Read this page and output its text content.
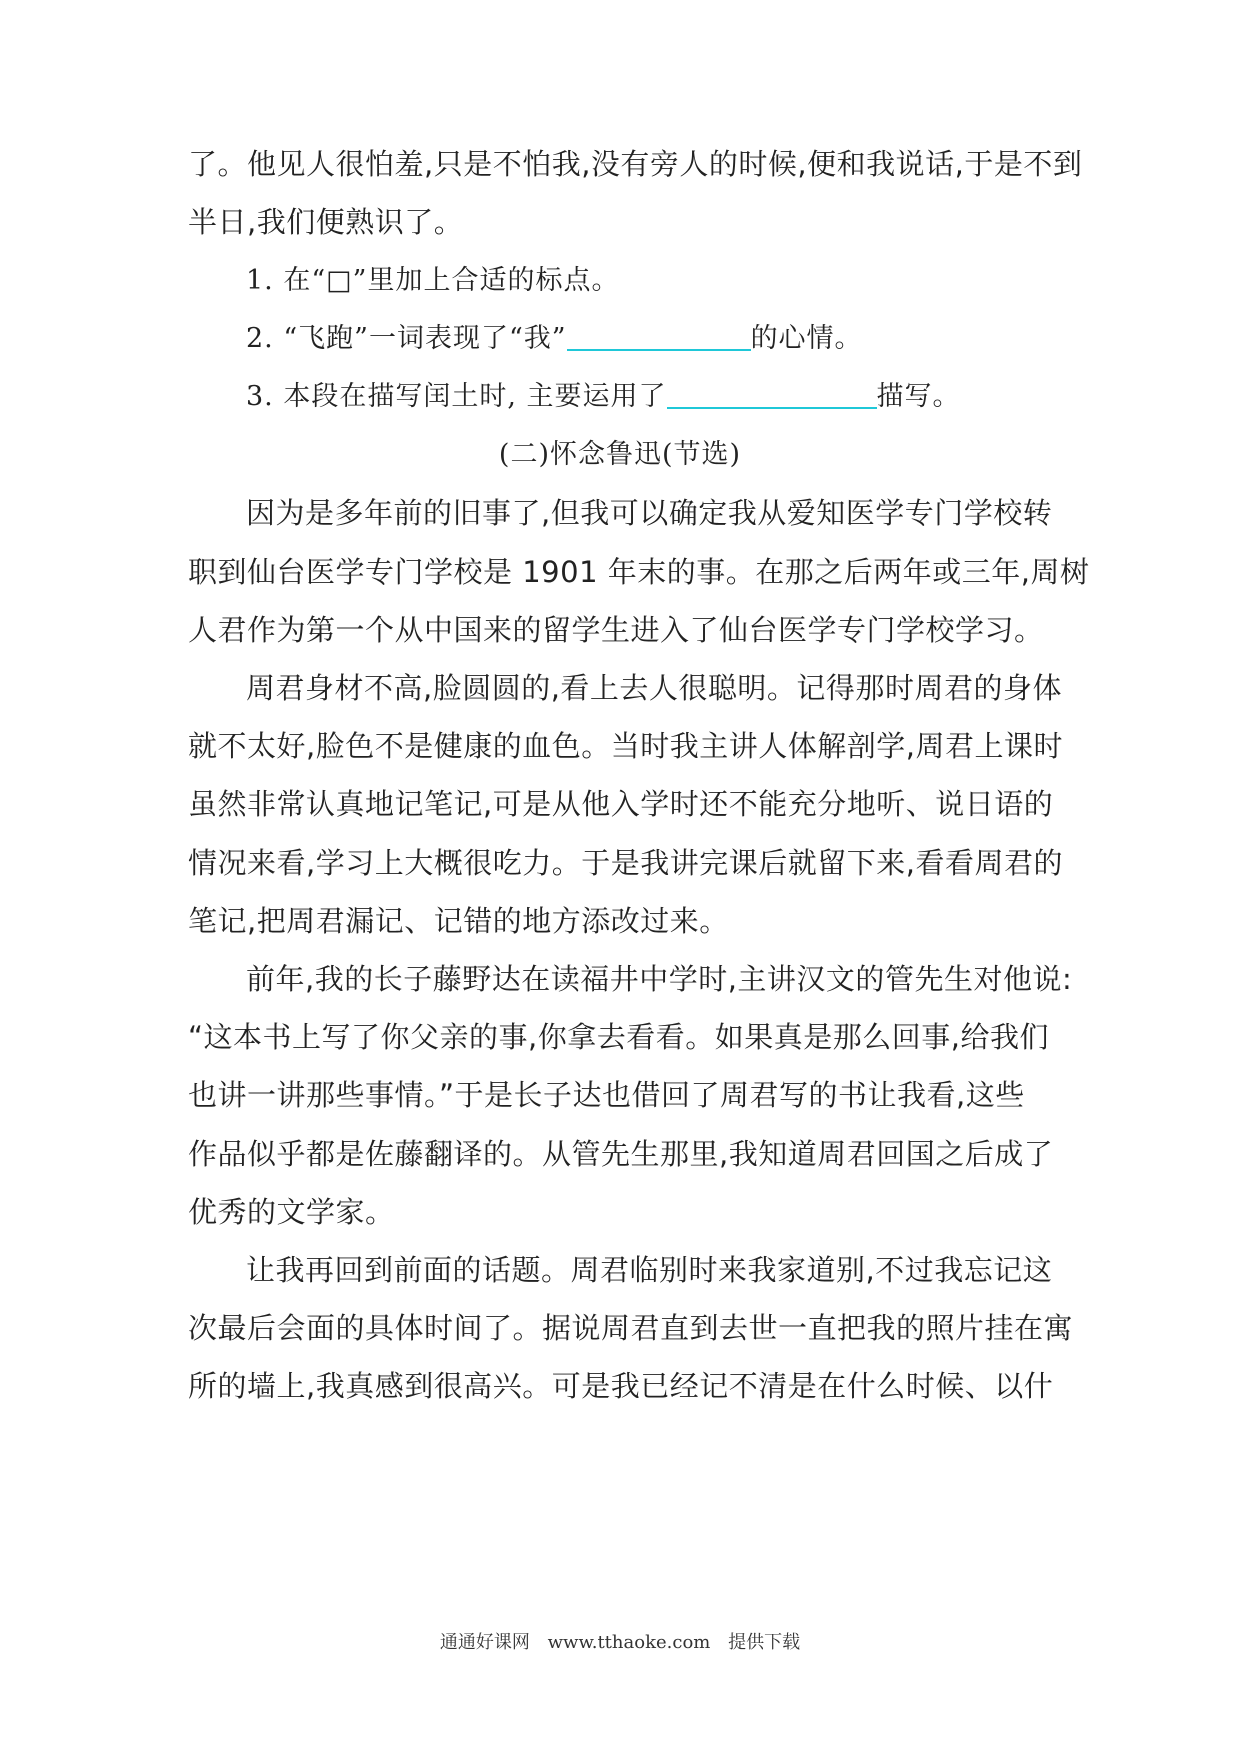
了。他见人很怕羞,只是不怕我,没有旁人的时候,便和我说话,于是不到
半日,我们便熟识了。
1. 在“□”里加上合适的标点。
2. “飞跑”一词表现了“我”	的心情。
3. 本段在描写闰土时, 主要运用了	描写。
(二)怀念鲁迅(节选)
因为是多年前的旧事了,但我可以确定我从爱知医学专门学校转
职到仙台医学专门学校是 1901 年末的事。在那之后两年或三年,周树
人君作为第一个从中国来的留学生进入了仙台医学专门学校学习。
周君身材不高,脸圆圆的,看上去人很聪明。记得那时周君的身体
就不太好,脸色不是健康的血色。当时我主讲人体解剖学,周君上课时
虽然非常认真地记笔记,可是从他入学时还不能充分地听、说日语的
情况来看,学习上大概很吃力。于是我讲完课后就留下来,看看周君的
笔记,把周君漏记、记错的地方添改过来。
前年,我的长子藤野达在读福井中学时,主讲汉文的管先生对他说:
“这本书上写了你父亲的事,你拿去看看。如果真是那么回事,给我们
也讲一讲那些事情。”于是长子达也借回了周君写的书让我看,这些
作品似乎都是佐藤翻译的。从管先生那里,我知道周君回国之后成了
优秀的文学家。
让我再回到前面的话题。周君临别时来我家道别,不过我忘记这
次最后会面的具体时间了。据说周君直到去世一直把我的照片挂在寓
所的墙上,我真感到很高兴。可是我已经记不清是在什么时候、以什
通通好课网 www.tthaoke.com 提供下载
